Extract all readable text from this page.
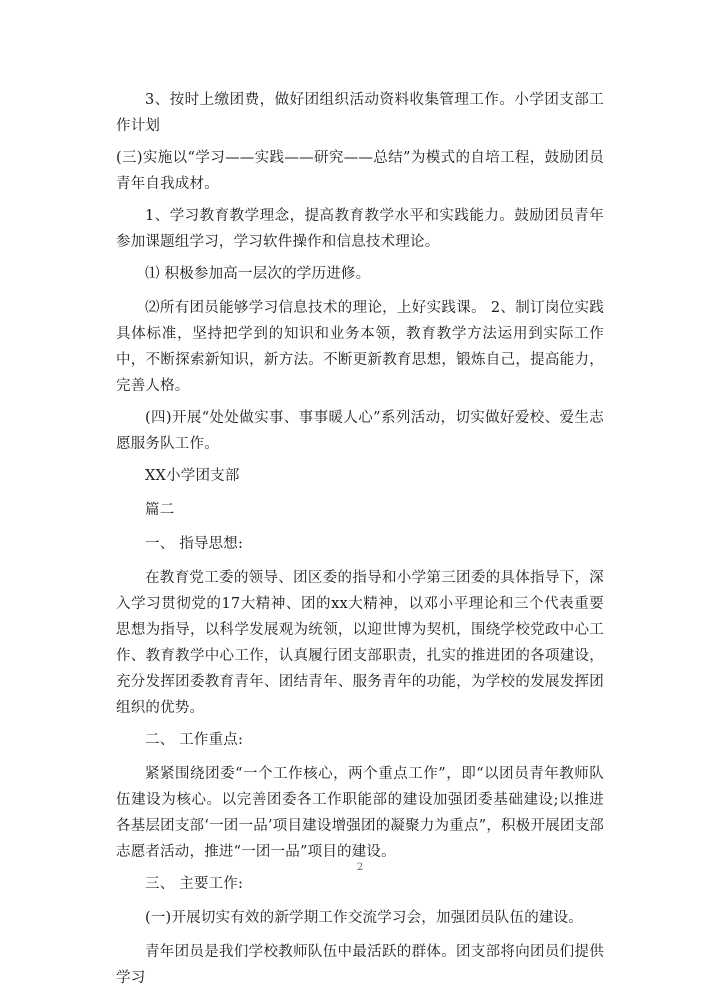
3、按时上缴团费，做好团组织活动资料收集管理工作。小学团支部工作计划

(三)实施以“学习——实践——研究——总结”为模式的自培工程，鼓励团员青年自我成材。

1、学习教育教学理念，提高教育教学水平和实践能力。鼓励团员青年参加课题组学习，学习软件操作和信息技术理论。

⑴ 积极参加高一层次的学历进修。

⑵所有团员能够学习信息技术的理论，上好实践课。 2、制订岗位实践具体标准，坚持把学到的知识和业务本领，教育教学方法运用到实际工作中，不断探索新知识，新方法。不断更新教育思想，锻炼自己，提高能力，完善人格。

(四)开展“处处做实事、事事暖人心”系列活动，切实做好爱校、爱生志愿服务队工作。

XX小学团支部

篇二

一、 指导思想:

在教育党工委的领导、团区委的指导和小学第三团委的具体指导下，深入学习贯彻党的17大精神、团的xx大精神，以邓小平理论和三个代表重要思想为指导，以科学发展观为统领，以迎世博为契机，围绕学校党政中心工作、教育教学中心工作，认真履行团支部职责，扎实的推进团的各项建设，充分发挥团委教育青年、团结青年、服务青年的功能，为学校的发展发挥团组织的优势。

二、 工作重点:

紧紧围绕团委“一个工作核心，两个重点工作”，即“以团员青年教师队伍建设为核心。以完善团委各工作职能部的建设加强团委基础建设;以推进各基层团支部‘一团一品’项目建设增强团的凝聚力为重点”，积极开展团支部志愿者活动，推进“一团一品”项目的建设。

三、 主要工作:

(一)开展切实有效的新学期工作交流学习会，加强团员队伍的建设。

青年团员是我们学校教师队伍中最活跃的群体。团支部将向团员们提供学习

2
